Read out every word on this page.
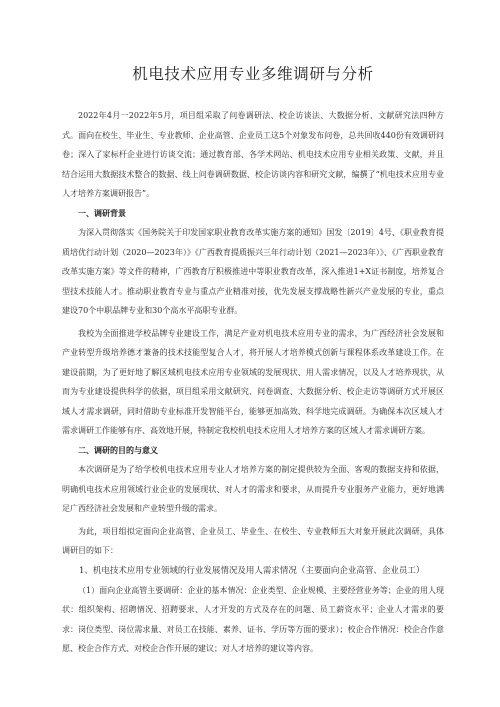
机电技术应用专业多维调研与分析

2022年4月一2022年5月，项目组采取了问卷调研法、校企访谈法、大数据分析、文献研究法四种方式。面向在校生、毕业生、专业教师、企业高管、企业员工这5个对象发布问卷，总共回收440份有效调研问卷；深入了家标杆企业进行访谈交流；通过教育部、各学术网站、机电技术应用专业相关政策、文献，并且结合运用大数据技术整合的数据、线上问卷调研数据、校企访谈内容和研究文献，编撰了“机电技术应用专业人才培养方案调研报告”。

一、调研背景

为深入贯彻落实《国务院关于印发国家职业教育改革实施方案的通知》国发〔2019〕4号、《职业教育提质培优行动计划（2020—2023年）》《广西教育提质振兴三年行动计划（2021—2023年）》、《广西职业教育改革实施方案》等文件的精神，广西教育厅积极推进中等职业教育改革，深入推进1+X证书制度，培养复合型技术技能人才。推动职业教育专业与重点产业精准对接，优先发展支撑战略性新兴产业发展的专业，重点建设70个中职品牌专业和30个高水平高职专业群。

我校为全面推进学校品牌专业建设工作，满足产业对机电技术应用专业的需求，为广西经济社会发展和产业转型升级培养德才兼备的技术技能型复合人才，将开展人才培养模式创新与课程体系改革建设工作。在建设前期，为了更好地了解区域机电技术应用专业领域的发展现状、用人需求情况，以及人才培养现状，从而为专业建设提供科学的依据，项目组采用文献研究、问卷调查、大数据分析、校企走访等调研方式开展区域人才需求调研，同时借助专业标准开发智能平台，能够更加高效、科学地完成调研。为确保本次区域人才需求调研工作能够有序、高效地开展，特制定我校机电技术应用人才培养方案的区域人才需求调研方案。

二、调研的目的与意义

本次调研是为了给学校机电技术应用专业人才培养方案的制定提供较为全面、客观的数据支持和依据，明确机电技术应用领域行业企业的发展现状、对人才的需求和要求，从而提升专业服务产业能力，更好地满足广西经济社会发展和产业转型升级的需求。

为此，项目组拟定面向企业高管、企业员工、毕业生、在校生、专业教师五大对象开展此次调研，具体调研目的如下：

1、机电技术应用专业领域的行业发展情况及用人需求情况（主要面向企业高管、企业员工）

（1）面向企业高管主要调研：企业的基本情况：企业类型、企业规模、主要经营业务等；企业的用人现状：组织架构、招聘情况、招聘要求、人才开发的方式及存在的问题、员工薪资水平；企业人才需求的要求：岗位类型、岗位需求量、对员工在技能、素养、证书、学历等方面的要求）；校企合作情况：校企合作意愿、校企合作方式、对校企合作开展的建议；对人才培养的建议等内容。
